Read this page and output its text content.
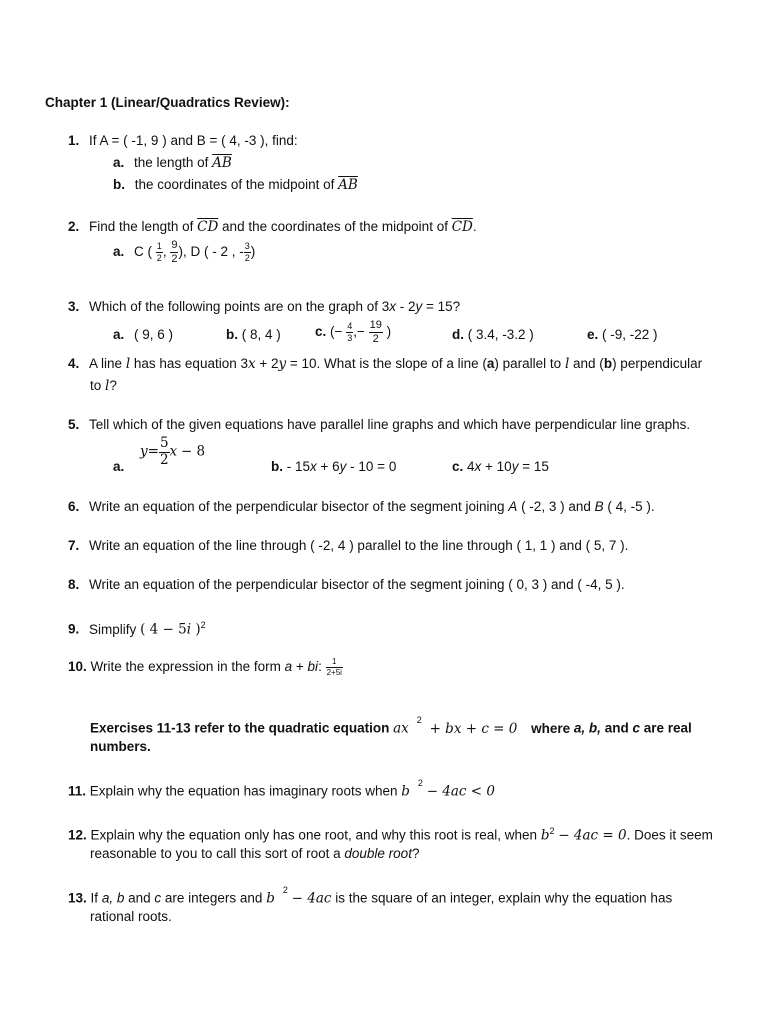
Chapter 1 (Linear/Quadratics Review):
1. If A = ( -1, 9 ) and B = ( 4, -3 ), find:
a. the length of $\overline{AB}$
b. the coordinates of the midpoint of $\overline{AB}$
2. Find the length of $\overline{CD}$ and the coordinates of the midpoint of $\overline{CD}$.
a. C ( $\frac{1}{2}$ , $\frac{9}{2}$ ), D ( - 2 , - $\frac{3}{2}$ )
3. Which of the following points are on the graph of 3x - 2y = 15?
a. ( 9, 6 )	b. ( 8, 4 )	c. (− $\frac{4}{3}$ ,− $\frac{19}{2}$ )	d. ( 3.4, -3.2 )	e. ( -9, -22 )
4. A line l has has equation 3x + 2y = 10. What is the slope of a line (a) parallel to l and (b) perpendicular
to l?
5. Tell which of the given equations have parallel line graphs and which have perpendicular line graphs.
a.
$y= \frac{5}{2}$ x − 8
b. - 15x + 6y - 10 = 0	c. 4x + 10y = 15
6. Write an equation of the perpendicular bisector of the segment joining A ( -2, 3 ) and B ( 4, -5 ).
7. Write an equation of the line through ( -2, 4 ) parallel to the line through ( 1, 1 ) and ( 5, 7 ).
8. Write an equation of the perpendicular bisector of the segment joining ( 0, 3 ) and ( -4, 5 ).
9. Simplify ( 4 − 5i )$^2$
10. Write the expression in the form a + bi: $\frac{1}{2+5i}$
Exercises 11-13 refer to the quadratic equation $ax^2$ + bx + c = 0 where a, b, and c are real
numbers.
11. Explain why the equation has imaginary roots when $b^2 - 4ac < 0$
12. Explain why the equation only has one root, and why this root is real, when $b^2 - 4ac = 0$. Does it seem
reasonable to you to call this sort of root a double root?
13. If a, b and c are integers and $b^2 - 4ac$ is the square of an integer, explain why the equation has
rational roots.
